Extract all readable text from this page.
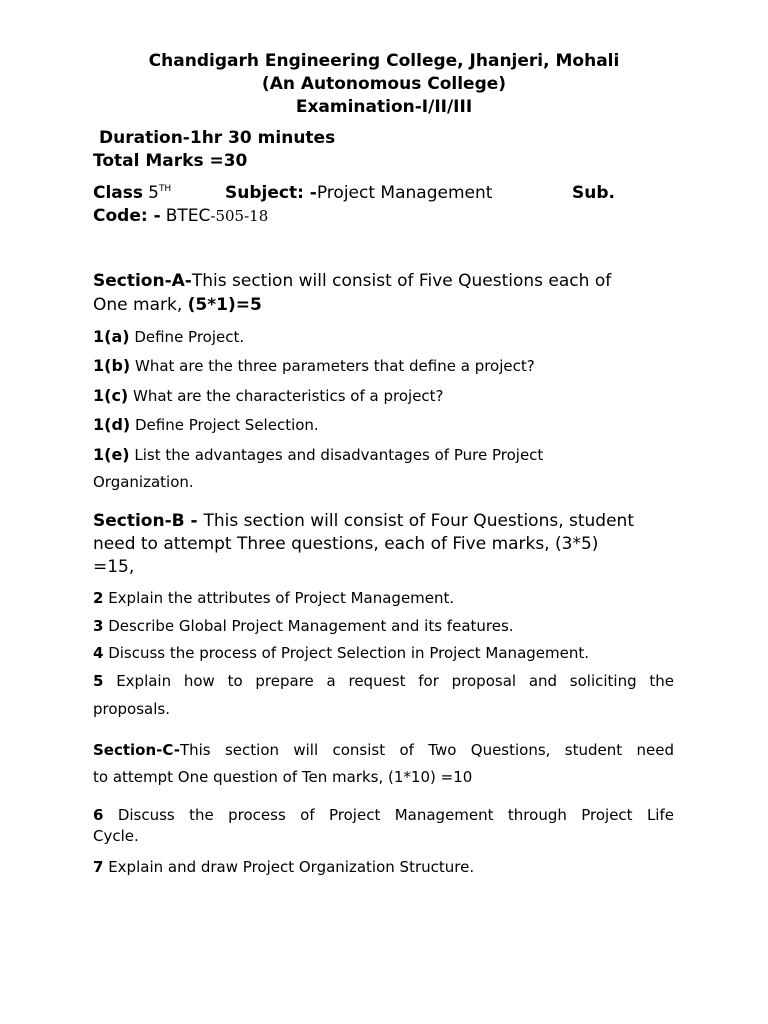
Chandigarh Engineering College, Jhanjeri, Mohali
(An Autonomous College)
Examination-I/II/III
Duration-1hr 30 minutes
Total Marks =30
Class 5TH	Subject: -Project Management	Sub.
Code: - BTEC-505-18
Section-A-This section will consist of Five Questions each of
One mark, (5*1)=5
1(a) Define Project.
1(b) What are the three parameters that define a project?
1(c) What are the characteristics of a project?
1(d) Define Project Selection.
1(e) List the advantages and disadvantages of Pure Project
Organization.
Section-B - This section will consist of Four Questions, student
need to attempt Three questions, each of Five marks, (3*5)
=15,
2 Explain the attributes of Project Management.
3 Describe Global Project Management and its features.
4 Discuss the process of Project Selection in Project Management.
5 Explain how to prepare a request for proposal and soliciting the
proposals.
Section-C-This section will consist of Two Questions, student need
to attempt One question of Ten marks, (1*10) =10
6 Discuss the process of Project Management through Project Life
Cycle.
7 Explain and draw Project Organization Structure.
